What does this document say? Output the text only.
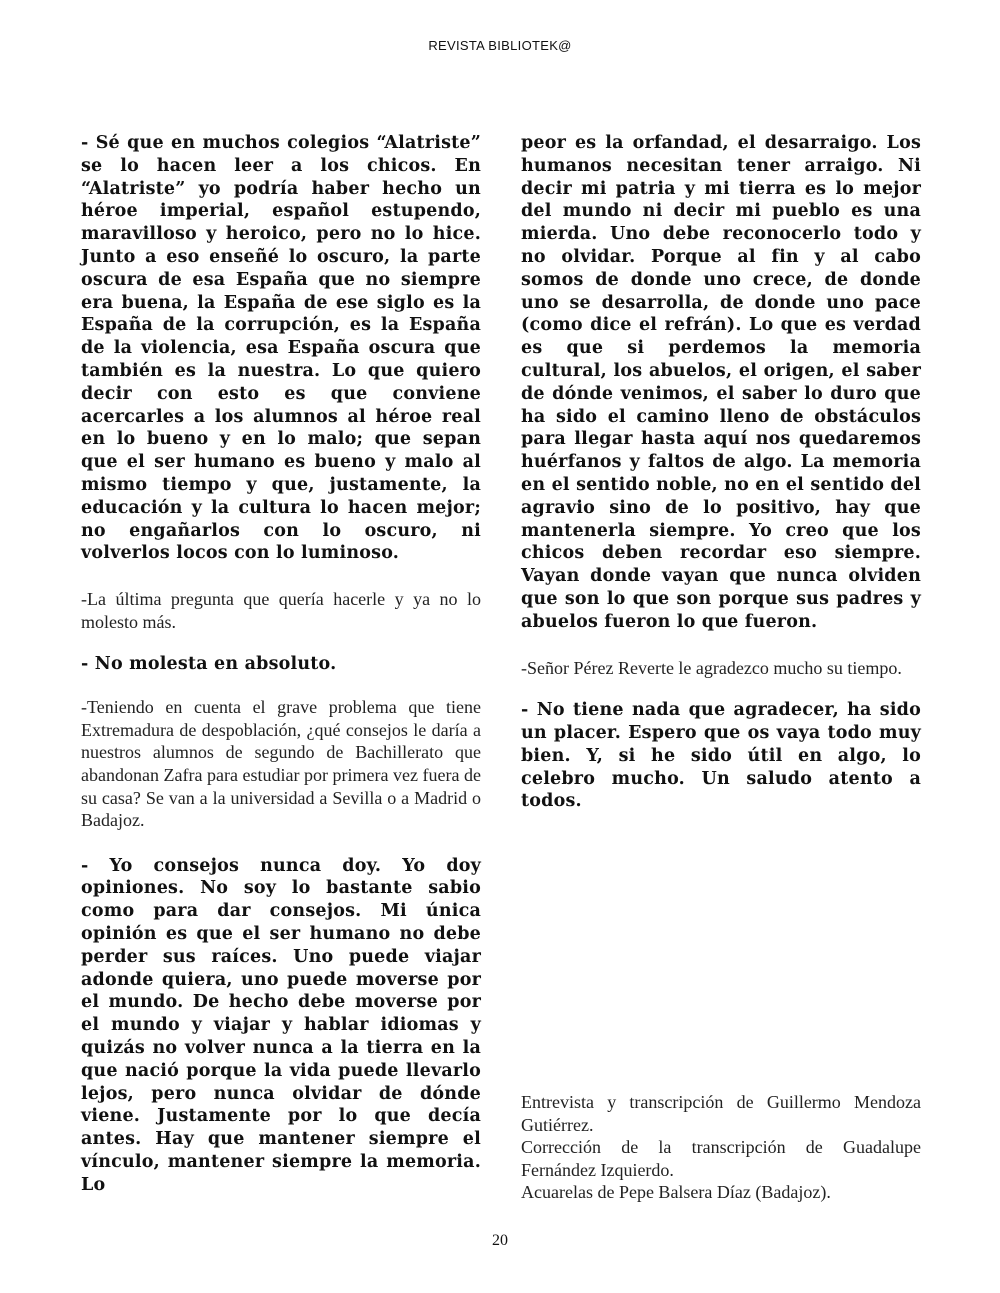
REVISTA BIBLIOTEK@

- Sé que en muchos colegios “Alatriste” se lo hacen leer a los chicos. En “Alatriste” yo podría haber hecho un héroe imperial, español estupendo, maravilloso y heroico, pero no lo hice. Junto a eso enseñé lo oscuro, la parte oscura de esa España que no siempre era buena, la España de ese siglo es la España de la corrupción, es la España de la violencia, esa España oscura que también es la nuestra. Lo que quiero decir con esto es que conviene acercarles a los alumnos al héroe real en lo bueno y en lo malo; que sepan que el ser humano es bueno y malo al mismo tiempo y que, justamente, la educación y la cultura lo hacen mejor; no engañarlos con lo oscuro, ni volverlos locos con lo luminoso.

-La última pregunta que quería hacerle y ya no lo molesto más.

- No molesta en absoluto.

-Teniendo en cuenta el grave problema que tiene Extremadura de despoblación, ¿qué consejos le daría a nuestros alumnos de segundo de Bachillerato que abandonan Zafra para estudiar por primera vez fuera de su casa? Se van a la universidad a Sevilla o a Madrid o Badajoz.

- Yo consejos nunca doy. Yo doy opiniones. No soy lo bastante sabio como para dar consejos. Mi única opinión es que el ser humano no debe perder sus raíces. Uno puede viajar adonde quiera, uno puede moverse por el mundo. De hecho debe moverse por el mundo y viajar y hablar idiomas y quizás no volver nunca a la tierra en la que nació porque la vida puede llevarlo lejos, pero nunca olvidar de dónde viene. Justamente por lo que decía antes. Hay que mantener siempre el vínculo, mantener siempre la memoria. Lo

peor es la orfandad, el desarraigo. Los humanos necesitan tener arraigo. Ni decir mi patria y mi tierra es lo mejor del mundo ni decir mi pueblo es una mierda. Uno debe reconocerlo todo y no olvidar. Porque al fin y al cabo somos de donde uno crece, de donde uno se desarrolla, de donde uno pace (como dice el refrán). Lo que es verdad es que si perdemos la memoria cultural, los abuelos, el origen, el saber de dónde venimos, el saber lo duro que ha sido el camino lleno de obstáculos para llegar hasta aquí nos quedaremos huérfanos y faltos de algo. La memoria en el sentido noble, no en el sentido del agravio sino de lo positivo, hay que mantenerla siempre. Yo creo que los chicos deben recordar eso siempre. Vayan donde vayan que nunca olviden que son lo que son porque sus padres y abuelos fueron lo que fueron.

-Señor Pérez Reverte le agradezco mucho su tiempo.

- No tiene nada que agradecer, ha sido un placer. Espero que os vaya todo muy bien. Y, si he sido útil en algo, lo celebro mucho. Un saludo atento a todos.

Entrevista y transcripción de Guillermo Mendoza Gutiérrez.
Corrección de la transcripción de Guadalupe Fernández Izquierdo.
Acuarelas de Pepe Balsera Díaz (Badajoz).
20
